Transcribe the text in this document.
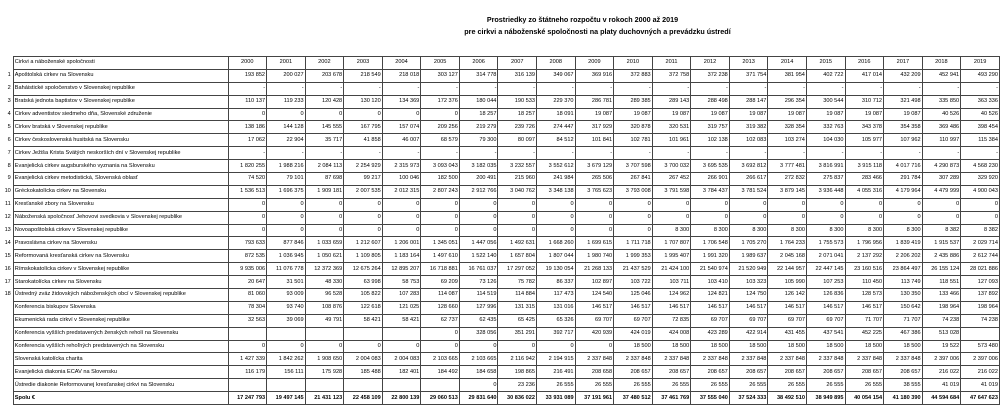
Prostriedky zo štátneho rozpočtu v rokoch 2000 až 2019
pre cirkvi a náboženské spoločnosti na platy duchovných a prevádzku ústredí
	Cirkvi a náboženské spoločnosti	2000	2001	2002	2003	2004	2005	2006	2007	2008	2009	2010	2011	2012	2013	2014	2015	2016	2017	2018	2019
1	Apoštolská cirkev na Slovensku	193 852	200 027	203 678	218 549	218 018	303 127	314 778	316 139	349 067	369 916	372 883	372 758	372 238	371 754	381 954	402 722	417 014	432 209	452 941	493 290
2	Baháistické spoločenstvo v Slovenskej republike	-	-	-	-	-	-	-	-	-	-	-	-	-	-	-	-	-	-	-	-
3	Bratská jednota baptistov v Slovenskej republike	110 137	119 233	120 428	130 120	134 369	172 376	180 044	190 533	229 370	286 781	289 385	289 143	288 498	288 147	296 354	300 544	310 712	321 498	335 850	363 336
4	Cirkev adventistov siedmeho dňa, Slovenské združenie	0	0	0	0	0	0	18 257	18 257	18 091	19 087	19 087	19 087	19 087	19 087	19 087	19 087	19 087	19 087	40 526	40 526
5	Cirkev bratská v Slovenskej republike	138 186	144 128	145 555	167 795	157 074	209 256	219 279	239 726	274 447	317 929	320 878	320 531	319 757	319 382	328 354	332 763	343 378	354 358	369 486	398 454
6	Cirkev československá husitská na Slovensku	17 062	22 904	35 717	41 858	46 007	68 579	79 300	80 097	84 512	101 841	102 781	101 961	102 138	102 083	103 274	104 030	105 977	107 962	110 997	115 384
7	Cirkev Ježiša Krista Svätých neskorších dní v Slovenskej republike	-	-	-	-	-	-	-	-	-	-	-	-	-	-	-	-	-	-	-	-
8	Evanjelická cirkev augsburského vyznania na Slovensku	1 820 255	1 988 216	2 084 113	2 254 929	2 315 973	3 093 043	3 182 035	3 232 557	3 552 612	3 679 129	3 707 598	3 700 032	3 695 535	3 692 812	3 777 481	3 816 991	3 915 118	4 017 716	4 290 873	4 568 230
9	Evanjelická cirkev metodistická, Slovenská oblasť	74 520	79 101	87 698	99 217	100 046	182 500	200 491	215 960	241 984	265 506	267 841	267 452	266 901	266 617	272 832	275 837	283 466	291 784	307 289	329 920
10	Gréckokatolícka cirkev na Slovensku	1 536 513	1 696 375	1 909 181	2 007 535	2 012 315	2 807 243	2 912 766	3 040 762	3 348 138	3 765 623	3 793 008	3 791 598	3 784 437	3 781 524	3 879 145	3 936 448	4 055 316	4 179 964	4 479 999	4 900 043
11	Kresťanské zbory na Slovensku	0	0	0	0	0	0	0	0	0	0	0	0	0	0	0	0	0	0	0	0
12	Náboženská spoločnosť Jehovovi svedkovia v Slovenskej republike	0	0	0	0	0	0	0	0	0	0	0	0	0	0	0	0	0	0	0	0
13	Novoapoštolská cirkev v Slovenskej republike	0	0	0	0	0	0	0	0	0	0	0	8 300	8 300	8 300	8 300	8 300	8 300	8 300	8 382	8 382
14	Pravoslávna cirkev na Slovensku	793 633	877 846	1 033 659	1 212 607	1 206 001	1 345 051	1 447 056	1 492 631	1 668 260	1 699 615	1 711 718	1 707 807	1 706 548	1 705 270	1 764 233	1 755 573	1 796 956	1 839 419	1 915 537	2 029 714
15	Reformovaná kresťanská cirkev na Slovensku	872 535	1 036 945	1 050 621	1 109 805	1 183 164	1 497 610	1 522 140	1 657 804	1 807 044	1 980 740	1 999 353	1 995 407	1 991 320	1 989 637	2 045 168	2 071 041	2 137 292	2 206 202	2 435 886	2 612 744
16	Rímskokatolícka cirkev v Slovenskej republike	9 935 006	11 076 778	12 372 369	12 675 264	12 895 207	16 718 881	16 761 037	17 297 052	19 130 054	21 268 133	21 437 529	21 424 100	21 540 974	21 520 949	22 144 957	22 447 145	23 160 516	23 864 497	26 155 124	28 021 886
17	Starokatolícka cirkev na Slovensku	20 647	31 501	48 330	63 998	58 753	69 209	73 126	75 782	86 337	102 897	103 722	103 711	103 410	103 323	105 990	107 253	110 450	113 749	118 551	127 093
18	Ústredný zväz židovských náboženských obcí v Slovenskej republike	81 060	93 009	96 528	105 822	107 283	114 087	114 519	114 884	117 473	124 540	125 046	124 962	124 821	124 750	126 142	126 836	128 573	130 350	133 466	137 892
	Konferencia biskupov Slovenska	78 304	93 740	108 876	122 618	121 025	128 660	127 996	131 315	131 016	146 517	146 517	146 517	146 517	146 517	146 517	146 517	146 517	150 642	198 964	198 964
	Ekumenická rada cirkví v Slovenskej republike	32 563	39 069	49 791	58 421	58 421	62 737	62 435	65 425	65 326	69 707	69 707	72 835	69 707	69 707	69 707	69 707	71 707	71 707	74 238	74 238
	Konferencia vyšších predstavených ženských reholí na Slovensku						0	328 056	351 291	392 717	420 939	424 019	424 008	423 289	422 914	431 455	437 541	452 225	467 386	513 028	
	Konferencia vyšších rehoľných predstavených na Slovensku	0	0	0	0	0	0	0	0	0	0	18 500	18 500	18 500	18 500	18 500	18 500	18 500	18 500	19 522	573 480
	Slovenská katolícka charita	1 427 339	1 842 262	1 908 650	2 004 083	2 004 083	2 103 665	2 103 665	2 116 942	2 194 915	2 337 848	2 337 848	2 337 848	2 337 848	2 337 848	2 337 848	2 337 848	2 337 848	2 337 848	2 397 006	2 397 006
	Evanjelická diakonia ECAV na Slovensku	116 179	156 111	175 928	185 488	182 401	184 492	184 658	198 865	216 491	208 658	208 657	208 657	208 657	208 657	208 657	208 657	208 657	208 657	216 022	216 022
	Ústredie diakonie Reformovanej kresťanskej cirkvi na Slovensku							0	23 236	26 555	26 555	26 555	26 555	26 555	26 555	26 555	26 555	26 555	38 555	41 019	41 019
	Spolu €	17 247 793	19 497 145	21 431 123	22 458 109	22 800 139	29 060 513	29 831 640	30 836 022	33 931 089	37 191 961	37 480 512	37 461 769	37 555 040	37 524 333	38 492 510	38 949 895	40 054 154	41 180 390	44 594 684	47 647 623
